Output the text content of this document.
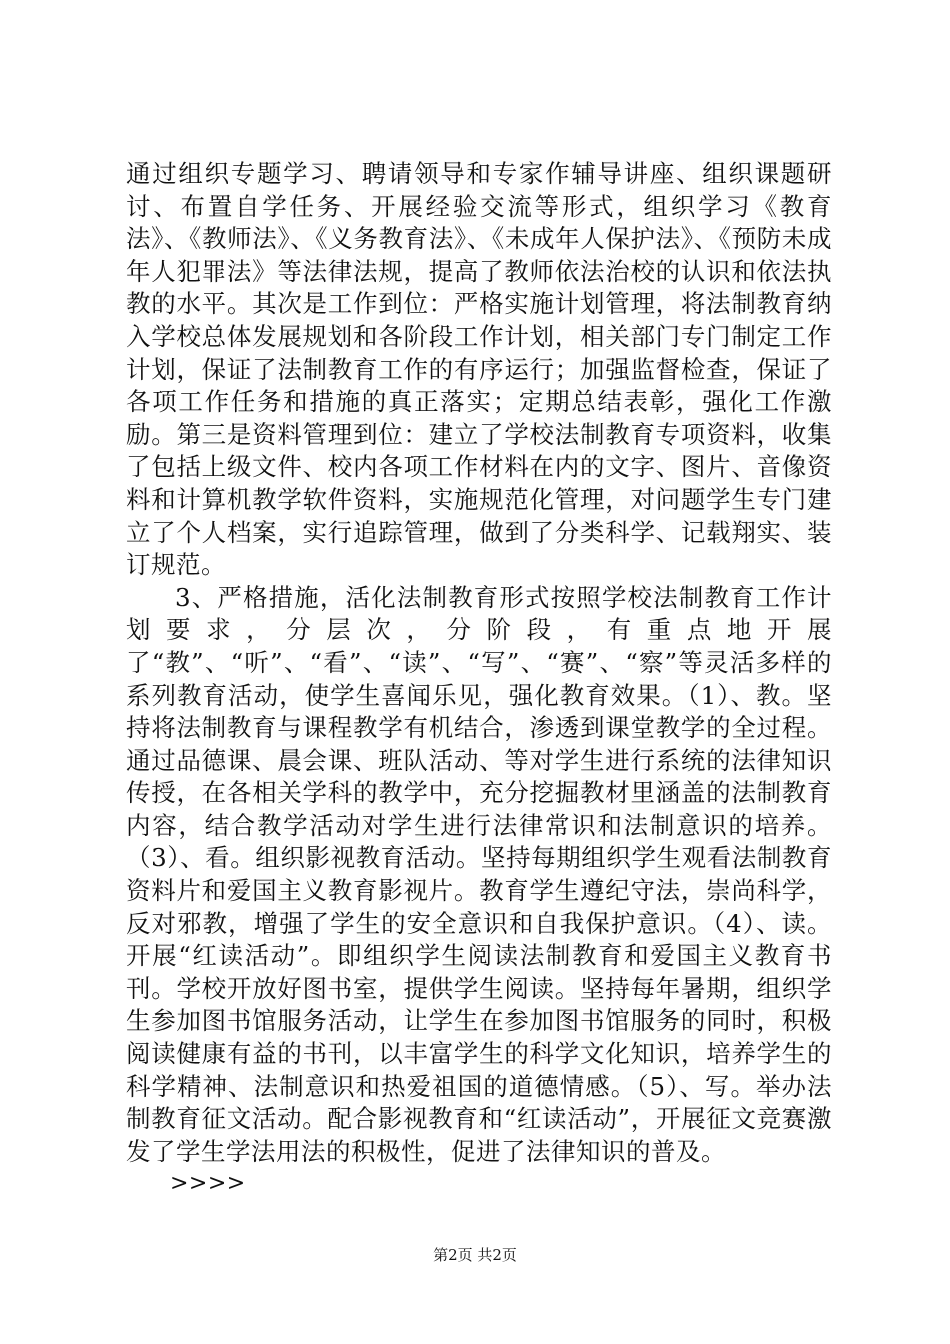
通过组织专题学习、聘请领导和专家作辅导讲座、组织课题研讨、布置自学任务、开展经验交流等形式，组织学习《教育法》、《教师法》、《义务教育法》、《未成年人保护法》、《预防未成年人犯罪法》等法律法规，提高了教师依法治校的认识和依法执教的水平。其次是工作到位：严格实施计划管理，将法制教育纳入学校总体发展规划和各阶段工作计划，相关部门专门制定工作计划，保证了法制教育工作的有序运行；加强监督检查，保证了各项工作任务和措施的真正落实；定期总结表彰，强化工作激励。第三是资料管理到位：建立了学校法制教育专项资料，收集了包括上级文件、校内各项工作材料在内的文字、图片、音像资料和计算机教学软件资料，实施规范化管理，对问题学生专门建立了个人档案，实行追踪管理，做到了分类科学、记载翔实、装订规范。

3、严格措施，活化法制教育形式按照学校法制教育工作计划要求，分层次，分阶段，有重点地开展了“教”、“听”、“看”、“读”、“写”、“赛”、“察”等灵活多样的系列教育活动，使学生喜闻乐见，强化教育效果。（1）、教。坚持将法制教育与课程教学有机结合，渗透到课堂教学的全过程。通过品德课、晨会课、班队活动、等对学生进行系统的法律知识传授，在各相关学科的教学中，充分挖掘教材里涵盖的法制教育内容，结合教学活动对学生进行法律常识和法制意识的培养。（3）、看。组织影视教育活动。坚持每期组织学生观看法制教育资料片和爱国主义教育影视片。教育学生遵纪守法，崇尚科学，反对邪教，增强了学生的安全意识和自我保护意识。（4）、读。开展“红读活动”。即组织学生阅读法制教育和爱国主义教育书刊。学校开放好图书室，提供学生阅读。坚持每年暑期，组织学生参加图书馆服务活动，让学生在参加图书馆服务的同时，积极阅读健康有益的书刊，以丰富学生的科学文化知识，培养学生的科学精神、法制意识和热爱祖国的道德情感。（5）、写。举办法制教育征文活动。配合影视教育和“红读活动”，开展征文竞赛激发了学生学法用法的积极性，促进了法律知识的普及。

>>>>

第2页 共2页
